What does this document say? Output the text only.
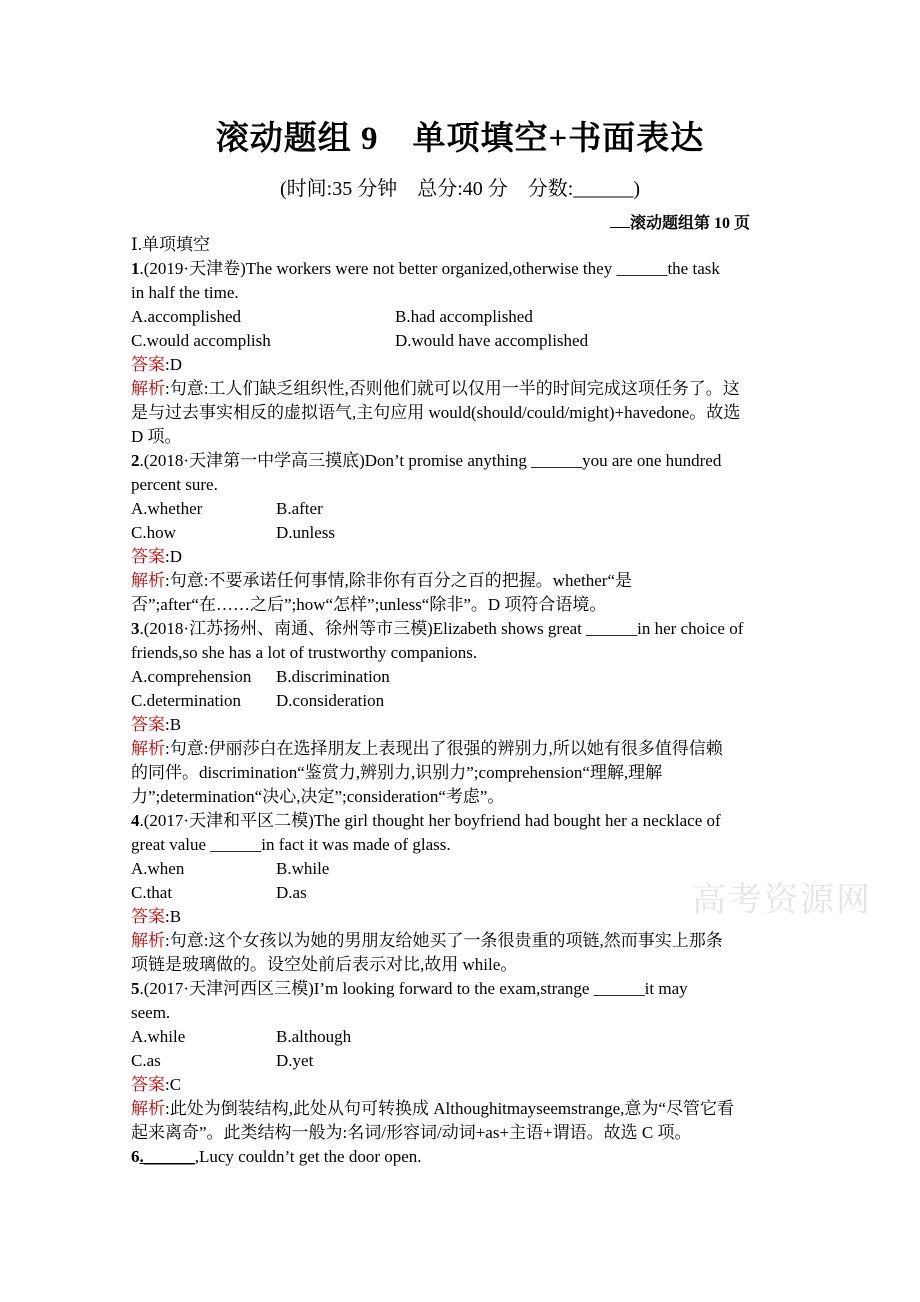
滚动题组 9　单项填空+书面表达
(时间:35 分钟　总分:40 分　分数:______)
滚动题组第 10 页
Ⅰ.单项填空
1.(2019·天津卷)The workers were not better organized,otherwise they ______the task
in half the time.
A.accomplished	B.had accomplished
C.would accomplish	D.would have accomplished
答案:D
解析:句意:工人们缺乏组织性,否则他们就可以仅用一半的时间完成这项任务了。这
是与过去事实相反的虚拟语气,主句应用 would(should/could/might)+havedone。故选
D 项。
2.(2018·天津第一中学高三摸底)Don’t promise anything ______you are one hundred
percent sure.
A.whether	B.after
C.how	D.unless
答案:D
解析:句意:不要承诺任何事情,除非你有百分之百的把握。whether“是
否”;after“在……之后”;how“怎样”;unless“除非”。D 项符合语境。
3.(2018·江苏扬州、南通、徐州等市三模)Elizabeth shows great ______in her choice of
friends,so she has a lot of trustworthy companions.
A.comprehension	B.discrimination
C.determination	D.consideration
答案:B
解析:句意:伊丽莎白在选择朋友上表现出了很强的辨别力,所以她有很多值得信赖
的同伴。discrimination“鉴赏力,辨别力,识别力”;comprehension“理解,理解
力”;determination“决心,决定”;consideration“考虑”。
4.(2017·天津和平区二模)The girl thought her boyfriend had bought her a necklace of
great value ______in fact it was made of glass.
A.when	B.while
C.that	D.as
答案:B
解析:句意:这个女孩以为她的男朋友给她买了一条很贵重的项链,然而事实上那条
项链是玻璃做的。设空处前后表示对比,故用 while。
5.(2017·天津河西区三模)I’m looking forward to the exam,strange ______it may
seem.
A.while	B.although
C.as	D.yet
答案:C
解析:此处为倒装结构,此处从句可转换成 Althoughitmayseemstrange,意为“尽管它看
起来离奇”。此类结构一般为:名词/形容词/动词+as+主语+谓语。故选 C 项。
6.______,Lucy couldn’t get the door open.
高考资源网
